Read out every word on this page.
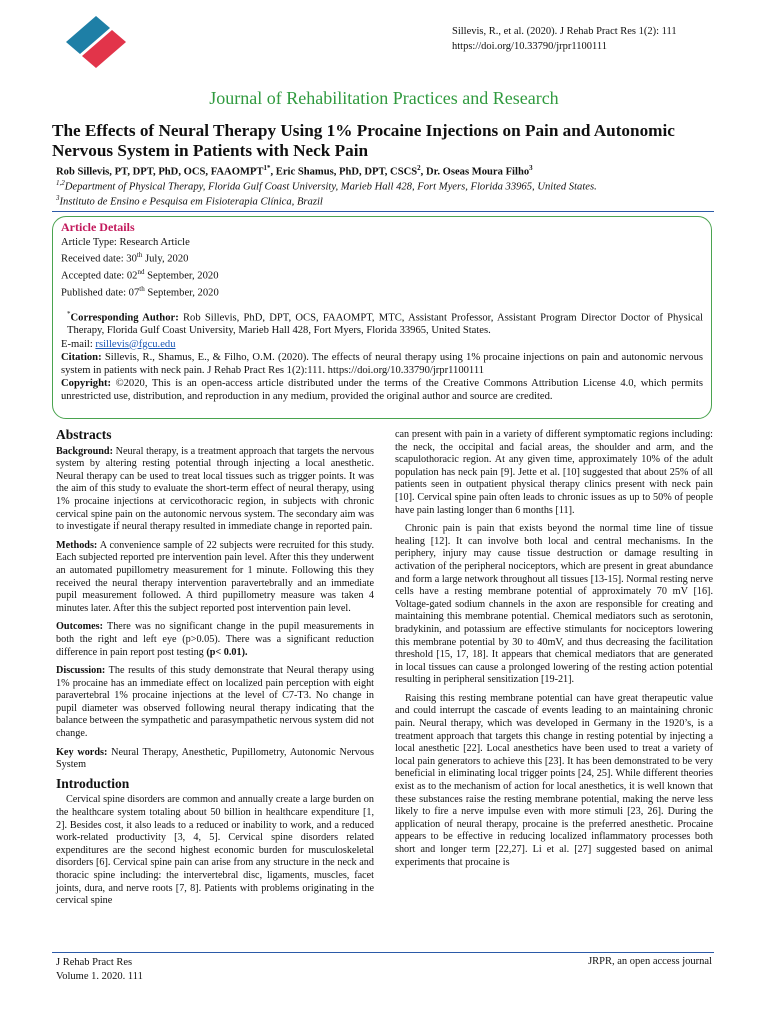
Sillevis, R., et al. (2020). J Rehab Pract Res 1(2): 111
https://doi.org/10.33790/jrpr1100111
Journal of Rehabilitation Practices and Research
The Effects of Neural Therapy Using 1% Procaine Injections on Pain and Autonomic Nervous System in Patients with Neck Pain
Rob Sillevis, PT, DPT, PhD, OCS, $FAAOMPT^{1*}$, Eric Shamus, PhD, DPT, CSCS$^2$, Dr. Oseas Moura Filho$^3$
$^{1,2}$Department of Physical Therapy, Florida Gulf Coast University, Marieb Hall 428, Fort Myers, Florida 33965, United States.
$^3$Instituto de Ensino e Pesquisa em Fisioterapia Clínica, Brazil
Article Details
Article Type: Research Article
Received date: 30th July, 2020
Accepted date: 02nd September, 2020
Published date: 07th September, 2020

*Corresponding Author: Rob Sillevis, PhD, DPT, OCS, FAAOMPT, MTC, Assistant Professor, Assistant Program Director Doctor of Physical Therapy, Florida Gulf Coast University, Marieb Hall 428, Fort Myers, Florida 33965, United States.

E-mail: rsillevis@fgcu.edu

Citation: Sillevis, R., Shamus, E., & Filho, O.M. (2020). The effects of neural therapy using 1% procaine injections on pain and autonomic nervous system in patients with neck pain. J Rehab Pract Res 1(2):111. https://doi.org/10.33790/jrpr1100111

Copyright: ©2020, This is an open-access article distributed under the terms of the Creative Commons Attribution License 4.0, which permits unrestricted use, distribution, and reproduction in any medium, provided the original author and source are credited.

Abstracts

Background: Neural therapy, is a treatment approach that targets the nervous system by altering resting potential through injecting a local anesthetic. Neural therapy can be used to treat local tissues such as trigger points. It was the aim of this study to evaluate the short-term effect of neural therapy, using 1% procaine injections at cervicothoracic region, in subjects with chronic cervical spine pain on the autonomic nervous system. The secondary aim was to investigate if neural therapy resulted in immediate change in reported pain.

Methods: A convenience sample of 22 subjects were recruited for this study. Each subjected reported pre intervention pain level. After this they underwent an automated pupillometry measurement for 1 minute. Following this they received the neural therapy intervention paravertebrally and an immediate pupil measurement followed. A third pupillometry measure was taken 4 minutes later. After this the subject reported post intervention pain level.

Outcomes: There was no significant change in the pupil measurements in both the right and left eye (p>0.05). There was a significant reduction difference in pain report post testing (p< 0.01).

Discussion: The results of this study demonstrate that Neural therapy using 1% procaine has an immediate effect on localized pain perception with eight paravertebral 1% procaine injections at the level of C7-T3. No change in pupil diameter was observed following neural therapy indicating that the balance between the sympathetic and parasympathetic nervous system did not change.

Key words: Neural Therapy, Anesthetic, Pupillometry, Autonomic Nervous System

Introduction

Cervical spine disorders are common and annually create a large burden on the healthcare system totaling about 50 billion in healthcare expenditure [1, 2]. Besides cost, it also leads to a reduced or inability to work, and a reduced work-related productivity [3, 4, 5]. Cervical spine disorders related expenditures are the second highest economic burden for musculoskeletal disorders [6]. Cervical spine pain can arise from any structure in the neck and thoracic spine including: the intervertebral disc, ligaments, muscles, facet joints, dura, and nerve roots [7, 8]. Patients with problems originating in the cervical spine

can present with pain in a variety of different symptomatic regions including: the neck, the occipital and facial areas, the shoulder and arm, and the scapulothoracic region. At any given time, approximately 10% of the adult population has neck pain [9]. Jette et al. [10] suggested that about 25% of all patients seen in outpatient physical therapy clinics present with neck pain [10]. Cervical spine pain often leads to chronic issues as up to 50% of people have pain lasting longer than 6 months [11].

Chronic pain is pain that exists beyond the normal time line of tissue healing [12]. It can involve both local and central mechanisms. In the periphery, injury may cause tissue destruction or damage resulting in activation of the peripheral nociceptors, which are present in great abundance and form a large network throughout all tissues [13-15]. Normal resting nerve cells have a resting membrane potential of approximately 70 mV [16]. Voltage-gated sodium channels in the axon are responsible for creating and maintaining this membrane potential. Chemical mediators such as serotonin, bradykinin, and potassium are effective stimulants for nociceptors lowering this membrane potential by 30 to 40mV, and thus decreasing the facilitation threshold [15, 17, 18]. It appears that chemical mediators that are generated in local tissues can cause a prolonged lowering of the resting action potential resulting in peripheral sensitization [19-21].

Raising this resting membrane potential can have great therapeutic value and could interrupt the cascade of events leading to an maintaining chronic pain. Neural therapy, which was developed in Germany in the 1920’s, is a treatment approach that targets this change in resting potential by injecting a local anesthetic [22]. Local anesthetics have been used to treat a variety of local pain generators to achieve this [23]. It has been demonstrated to be very beneficial in eliminating local trigger points [24, 25]. While different theories exist as to the mechanism of action for local anesthetics, it is well known that these substances raise the resting membrane potential, making the nerve less likely to fire a nerve impulse even with more stimuli [23, 26]. During the application of neural therapy, procaine is the preferred anesthetic. Procaine appears to be effective in reducing localized inflammatory processes both short and longer term [22,27]. Li et al. [27] suggested based on animal experiments that procaine is

J Rehab Pract Res
Volume 1. 2020. 111
JRPR, an open access journal
